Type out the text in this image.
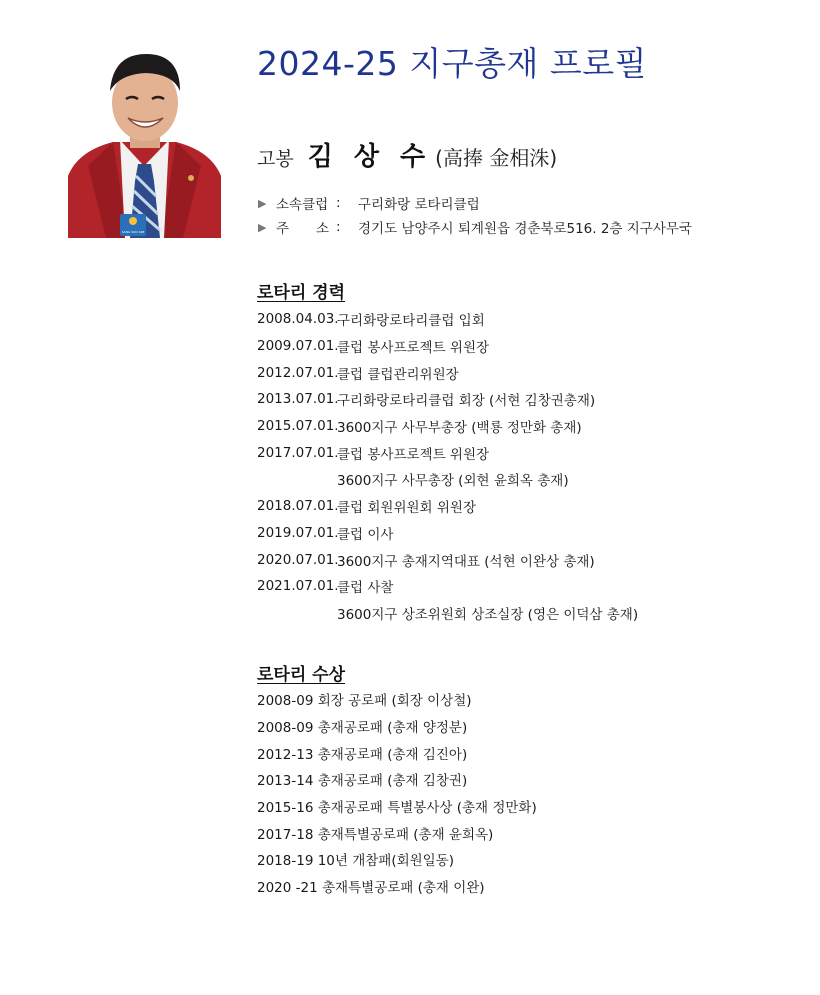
SANG SOO KIM
2024-25 지구총재 프로필
고봉 김 상 수 (高捧 金相洙)
▶ 소속클럽 :	구리화랑 로타리클럽
▶ 주　　소 :	경기도 남양주시 퇴계원읍 경춘북로516. 2층 지구사무국
로타리 경력
2008.04.03.
구리화랑로타리클럽 입회
2009.07.01.
클럽 봉사프로젝트 위원장
2012.07.01.
클럽 클럽관리위원장
2013.07.01.
구리화랑로타리클럽 회장 (서현 김창권총재)
2015.07.01.
3600지구 사무부총장 (백룡 정만화 총재)
2017.07.01.
클럽 봉사프로젝트 위원장
3600지구 사무총장 (외현 윤희옥 총재)
2018.07.01.
클럽 회원위원회 위원장
2019.07.01.
클럽 이사
2020.07.01.
3600지구 총재지역대표 (석현 이완상 총재)
2021.07.01.
클럽 사찰
3600지구 상조위원회 상조실장 (영은 이덕삼 총재)
로타리 수상
2008-09 회장 공로패 (회장 이상철)
2008-09 총재공로패 (총재 양정분)
2012-13 총재공로패 (총재 김진아)
2013-14 총재공로패 (총재 김창권)
2015-16 총재공로패 특별봉사상 (총재 정만화)
2017-18 총재특별공로패 (총재 윤희옥)
2018-19 10년 개참패(회원일동)
2020 -21 총재특별공로패 (총재 이완)
